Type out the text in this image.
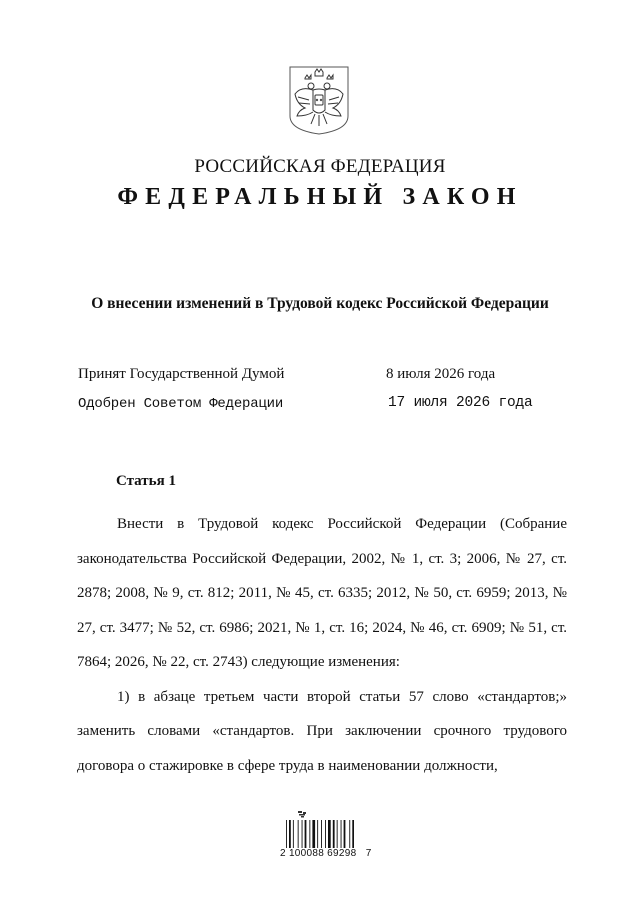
РОССИЙСКАЯ ФЕДЕРАЦИЯ
ФЕДЕРАЛЬНЫЙ ЗАКОН
О внесении изменений в Трудовой кодекс Российской Федерации
Принят Государственной Думой	8 июля 2026 года
Одобрен Советом Федерации	17 июля 2026 года
Статья 1

Внести в Трудовой кодекс Российской Федерации (Собрание законодательства Российской Федерации, 2002, № 1, ст. 3; 2006, № 27, ст. 2878; 2008, № 9, ст. 812; 2011, № 45, ст. 6335; 2012, № 50, ст. 6959; 2013, № 27, ст. 3477; № 52, ст. 6986; 2021, № 1, ст. 16; 2024, № 46, ст. 6909; № 51, ст. 7864; 2026, № 22, ст. 2743) следующие изменения:

1) в абзаце третьем части второй статьи 57 слово «стандартов;» заменить словами «стандартов. При заключении срочного трудового договора о стажировке в сфере труда в наименовании должности,

2 100088 69298   7
